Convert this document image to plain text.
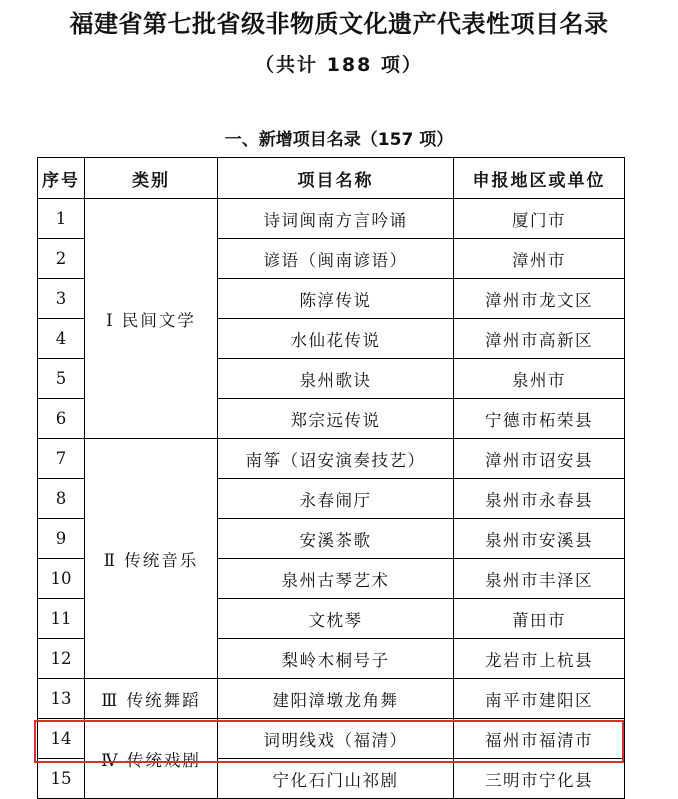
福建省第七批省级非物质文化遗产代表性项目名录
（共计 188 项）
一、新增项目名录（157 项）
序号	类别	项目名称	申报地区或单位
1	Ⅰ 民间文学	诗词闽南方言吟诵	厦门市
2		谚语（闽南谚语）	漳州市
3		陈淳传说	漳州市龙文区
4		水仙花传说	漳州市高新区
5		泉州歌诀	泉州市
6		郑宗远传说	宁德市柘荣县
7	Ⅱ 传统音乐	南筝（诏安演奏技艺）	漳州市诏安县
8		永春闹厅	泉州市永春县
9		安溪茶歌	泉州市安溪县
10		泉州古琴艺术	泉州市丰泽区
11		文枕琴	莆田市
12		梨岭木桐号子	龙岩市上杭县
13	Ⅲ 传统舞蹈	建阳漳墩龙角舞	南平市建阳区
14	Ⅳ 传统戏剧	词明线戏（福清）	福州市福清市
15		宁化石门山祁剧	三明市宁化县
